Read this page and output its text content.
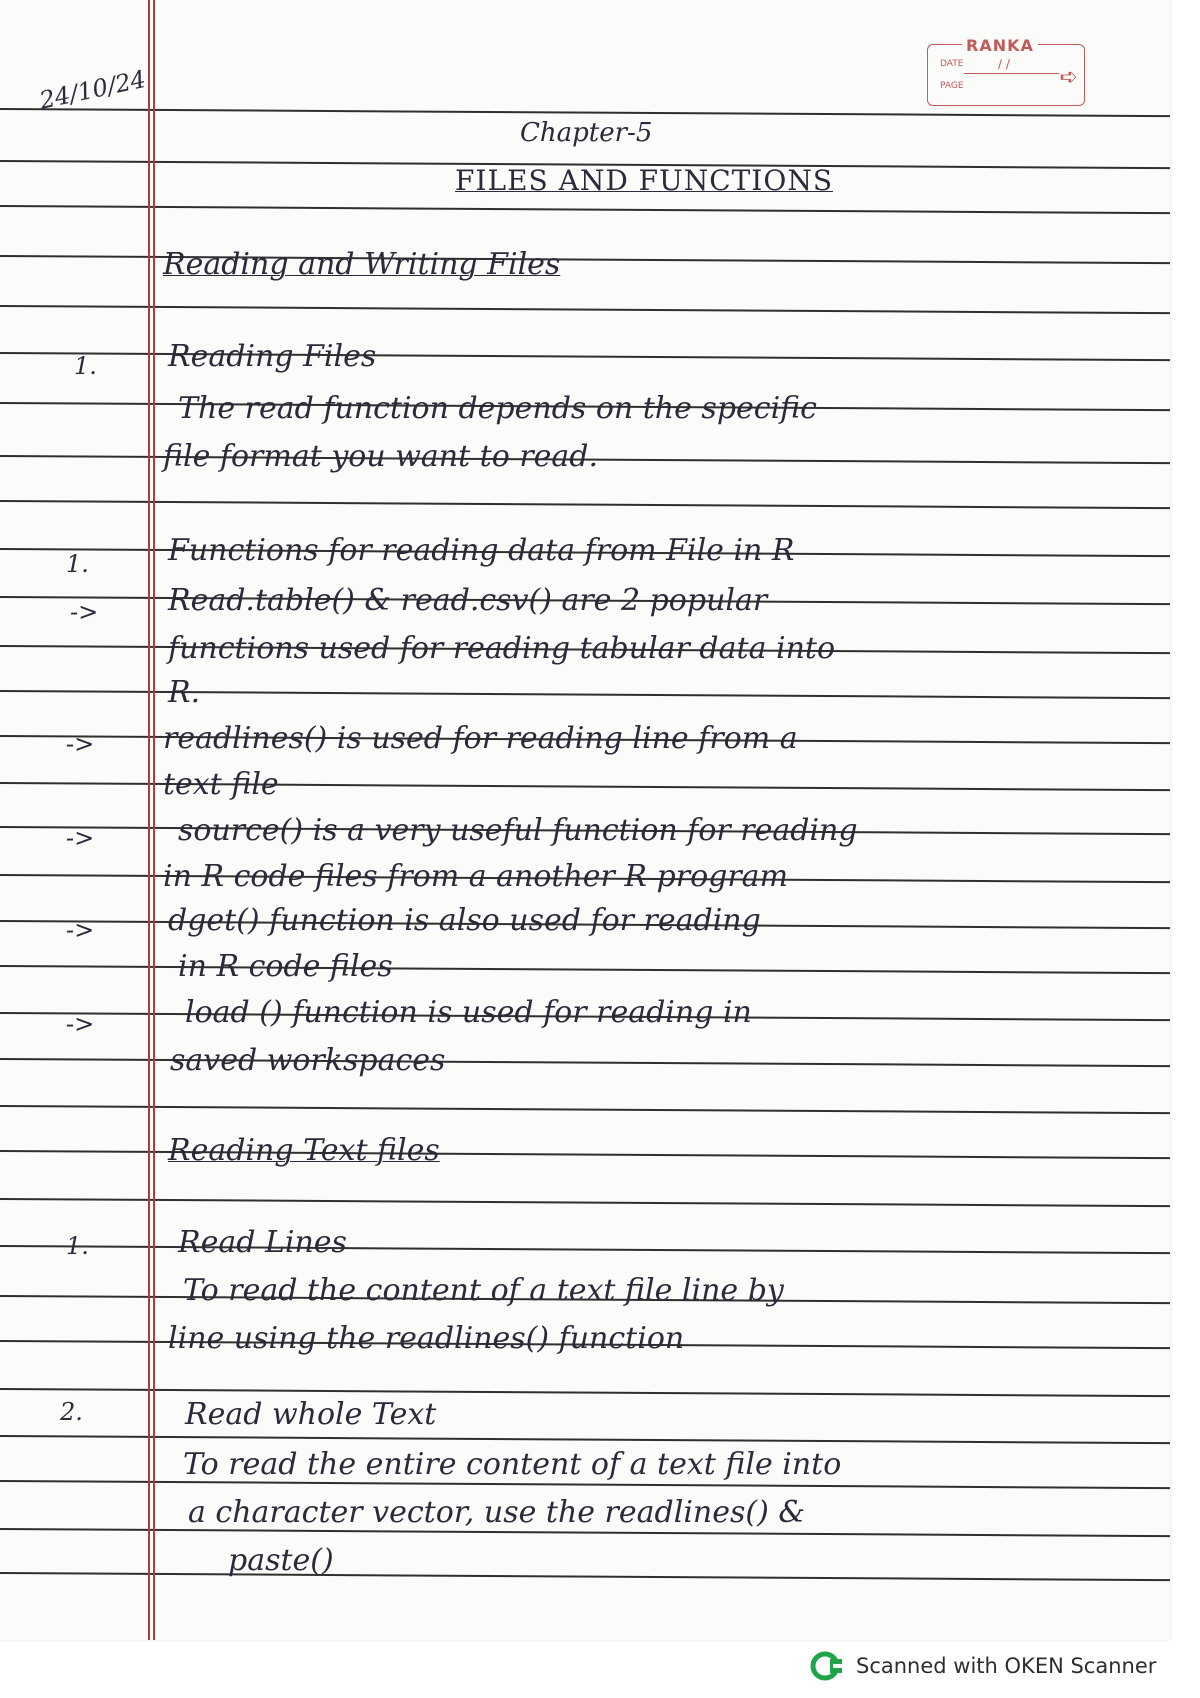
RANKA
DATE	/ /
PAGE	➪
24/10/24
Chapter-5
FILES AND FUNCTIONS
Reading and Writing Files
1. Reading Files
The read function depends on the specific
file format you want to read.
1.	Functions for reading data from File in R
-> Read.table() & read.csv() are 2 popular
functions used for reading tabular data into
R.
-> readlines() is used for reading line from a
text file
->	source() is a very useful function for reading
in R code files from a another R program
-> dget() function is also used for reading
in R code files
->	load () function is used for reading in
saved workspaces
Reading Text files
1.	Read Lines
To read the content of a text file line by
line using the readlines() function
2.	Read whole Text
To read the entire content of a text file into
a character vector, use the readlines() &
paste()
Scanned with OKEN Scanner
